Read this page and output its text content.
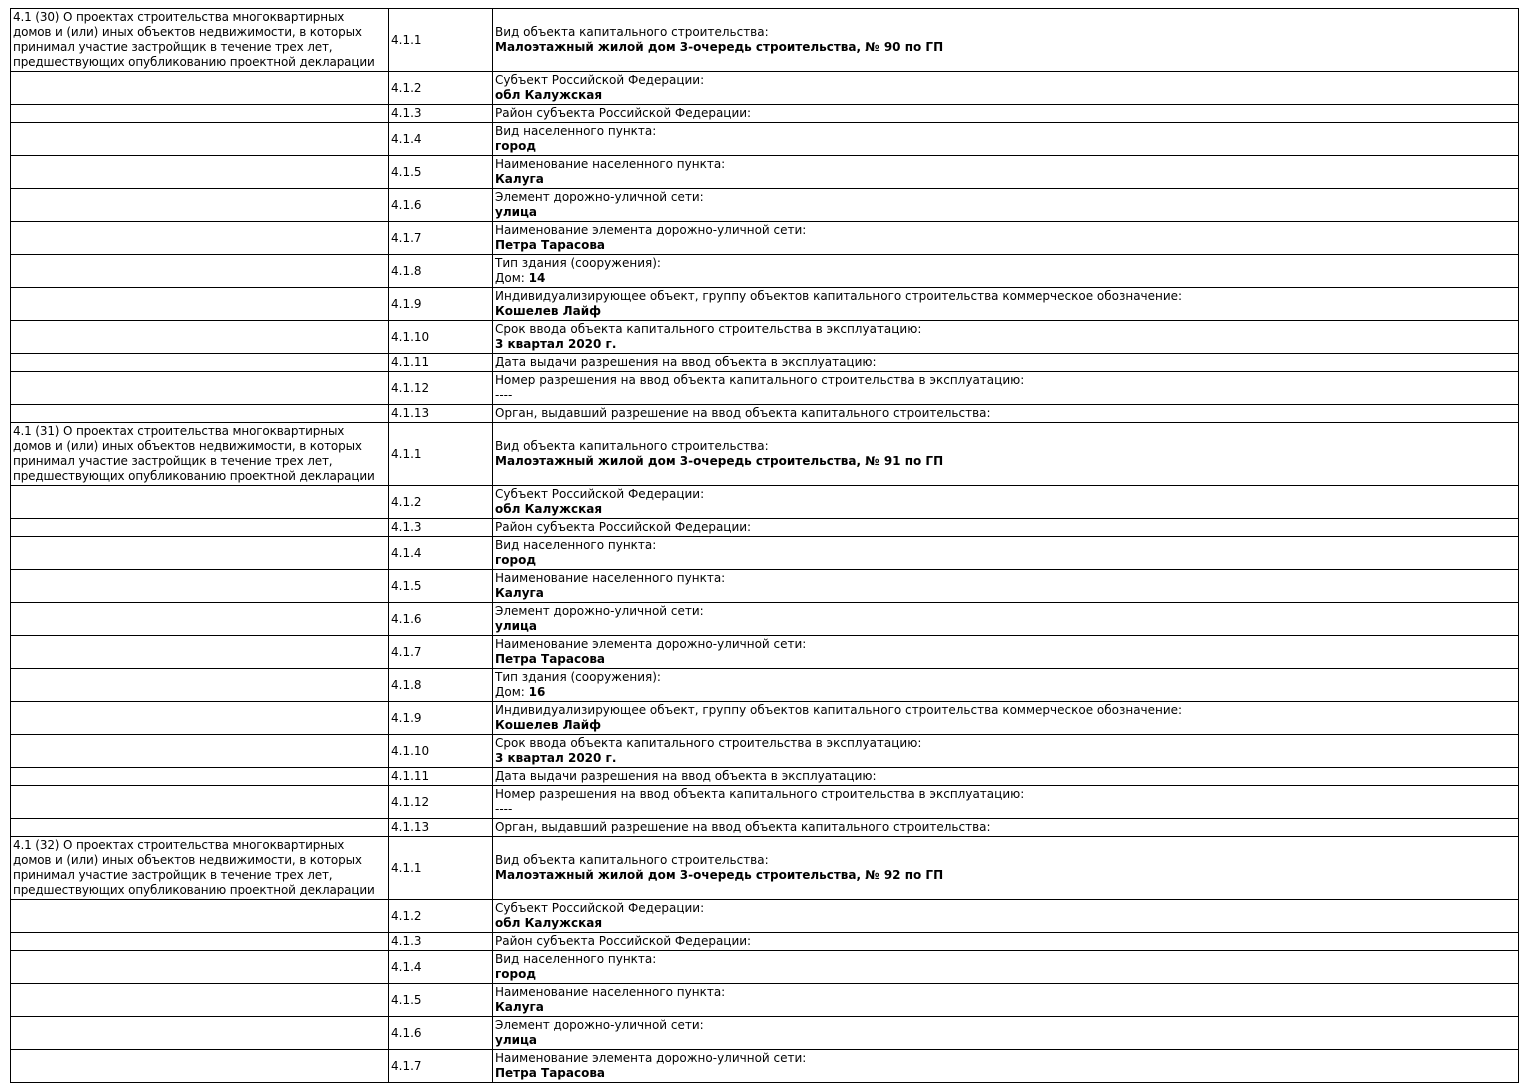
4.1 (30) О проектах строительства многоквартирных домов и (или) иных объектов недвижимости, в которых принимал участие застройщик в течение трех лет, предшествующих опубликованию проектной декларации	4.1.1	Вид объекта капитального строительства:
Малоэтажный жилой дом 3-очередь строительства, № 90 по ГП

	4.1.2	Субъект Российской Федерации:
обл Калужская

	4.1.3	Район субъекта Российской Федерации:

	4.1.4	Вид населенного пункта:
город

	4.1.5	Наименование населенного пункта:
Калуга

	4.1.6	Элемент дорожно-уличной сети:
улица

	4.1.7	Наименование элемента дорожно-уличной сети:
Петра Тарасова

	4.1.8	Тип здания (сооружения):
Дом: 14

	4.1.9	Индивидуализирующее объект, группу объектов капитального строительства коммерческое обозначение:
Кошелев Лайф

	4.1.10	Срок ввода объекта капитального строительства в эксплуатацию:
3 квартал 2020 г.

	4.1.11	Дата выдачи разрешения на ввод объекта в эксплуатацию:

	4.1.12	Номер разрешения на ввод объекта капитального строительства в эксплуатацию:
----

	4.1.13	Орган, выдавший разрешение на ввод объекта капитального строительства:

4.1 (31) О проектах строительства многоквартирных домов и (или) иных объектов недвижимости, в которых принимал участие застройщик в течение трех лет, предшествующих опубликованию проектной декларации	4.1.1	Вид объекта капитального строительства:
Малоэтажный жилой дом 3-очередь строительства, № 91 по ГП

	4.1.2	Субъект Российской Федерации:
обл Калужская

	4.1.3	Район субъекта Российской Федерации:

	4.1.4	Вид населенного пункта:
город

	4.1.5	Наименование населенного пункта:
Калуга

	4.1.6	Элемент дорожно-уличной сети:
улица

	4.1.7	Наименование элемента дорожно-уличной сети:
Петра Тарасова

	4.1.8	Тип здания (сооружения):
Дом: 16

	4.1.9	Индивидуализирующее объект, группу объектов капитального строительства коммерческое обозначение:
Кошелев Лайф

	4.1.10	Срок ввода объекта капитального строительства в эксплуатацию:
3 квартал 2020 г.

	4.1.11	Дата выдачи разрешения на ввод объекта в эксплуатацию:

	4.1.12	Номер разрешения на ввод объекта капитального строительства в эксплуатацию:
----

	4.1.13	Орган, выдавший разрешение на ввод объекта капитального строительства:

4.1 (32) О проектах строительства многоквартирных домов и (или) иных объектов недвижимости, в которых принимал участие застройщик в течение трех лет, предшествующих опубликованию проектной декларации	4.1.1	Вид объекта капитального строительства:
Малоэтажный жилой дом 3-очередь строительства, № 92 по ГП

	4.1.2	Субъект Российской Федерации:
обл Калужская

	4.1.3	Район субъекта Российской Федерации:

	4.1.4	Вид населенного пункта:
город

	4.1.5	Наименование населенного пункта:
Калуга

	4.1.6	Элемент дорожно-уличной сети:
улица

	4.1.7	Наименование элемента дорожно-уличной сети:
Петра Тарасова
